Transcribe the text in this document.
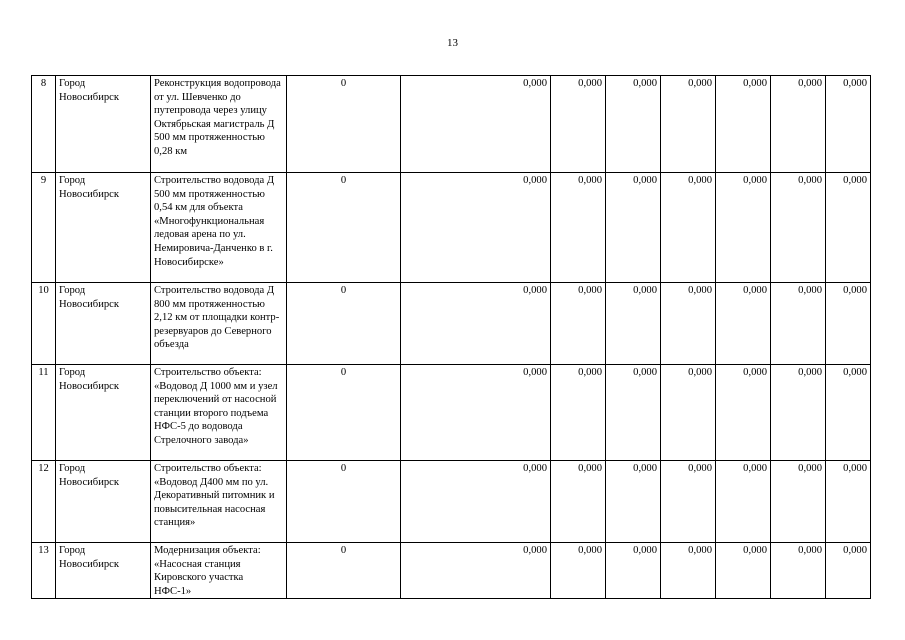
13
8	Город Новосибирск	Реконструкция водопровода от ул. Шевченко до путепровода через улицу Октябрьская магистраль Д 500 мм протяженностью 0,28 км	0	0,000	0,000	0,000	0,000	0,000	0,000	0,000
9	Город Новосибирск	Строительство водовода Д 500 мм протяженностью 0,54 км для объекта «Многофункциональная ледовая арена по ул. Немировича-Данченко в г. Новосибирске»	0	0,000	0,000	0,000	0,000	0,000	0,000	0,000
10	Город Новосибирск	Строительство водовода Д 800 мм протяженностью 2,12 км от площадки контр-резервуаров до Северного объезда	0	0,000	0,000	0,000	0,000	0,000	0,000	0,000
11	Город Новосибирск	Строительство объекта: «Водовод Д 1000 мм и узел переключений от насосной станции второго подъема НФС-5 до водовода Стрелочного завода»	0	0,000	0,000	0,000	0,000	0,000	0,000	0,000
12	Город Новосибирск	Строительство объекта: «Водовод Д400 мм по ул. Декоративный питомник и повысительная насосная станция»	0	0,000	0,000	0,000	0,000	0,000	0,000	0,000
13	Город Новосибирск	Модернизация объекта: «Насосная станция Кировского участка НФС-1»	0	0,000	0,000	0,000	0,000	0,000	0,000	0,000
